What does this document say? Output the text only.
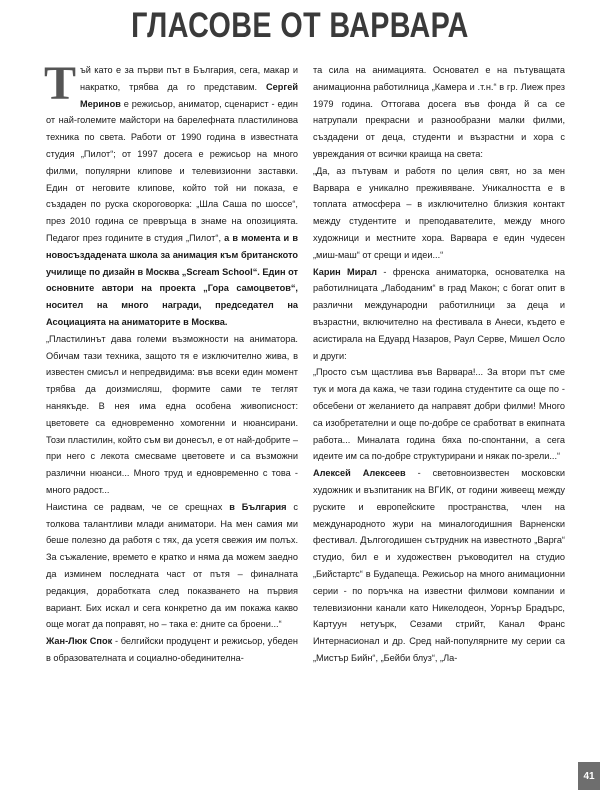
ГЛАСОВЕ ОТ ВАРВАРА

Тъй като е за първи път в България, сега, макар и накратко, трябва да го представим. Сергей Меринов е режисьор, аниматор, сценарист - един от най-големите майстори на барелефната пластилинова техника по света. Работи от 1990 година в известната студия „Пилот“; от 1997 досега е режисьор на много филми, популярни клипове и телевизионни заставки. Един от неговите клипове, който той ни показа, е създаден по руска скороговорка: „Шла Саша по шоссе“, през 2010 година се превръща в знаме на опозицията. Педагог през годините в студия „Пилот“, а в момента и в новосъздадената школа за анимация към британското училище по дизайн в Москва „Scream School“. Един от основните автори на проекта „Гора самоцветов“, носител на много награди, председател на Асоциацията на аниматорите в Москва.

„Пластилинът дава големи възможности на аниматора. Обичам тази техника, защото тя е изключително жива, в известен смисъл и непредвидима: във всеки един момент трябва да доизмисляш, формите сами те теглят нанякъде. В нея има една особена живописност: цветовете са едновременно хомогенни и нюансирани. Този пластилин, който съм ви донесъл, е от най-добрите – при него с лекота смесваме цветовете и са възможни различни нюанси... Много труд и едновременно с това - много радост...

Наистина се радвам, че се срещнах в България с толкова талантливи млади аниматори. На мен самия ми беше полезно да работя с тях, да усетя свежия им полъх. За съжаление, времето е кратко и няма да можем заедно да изминем последната част от пътя – финалната редакция, доработката след показването на първия вариант. Бих искал и сега конкретно да им покажа какво още могат да поправят, но – така е: дните са броени...“

Жан-Люк Спок - белгийски продуцент и режисьор, убеден в образователната и социално-обединителна-

та сила на анимацията. Основател е на пътуващата анимационна работилница „Камера и .т.н.“ в гр. Лиеж през 1979 година. Оттогава досега във фонда й са се натрупали прекрасни и разнообразни малки филми, създадени от деца, студенти и възрастни и хора с увреждания от всички краища на света:

„Да, аз пътувам и работя по целия свят, но за мен Варвара е уникално преживяване. Уникалността е в топлата атмосфера – в изключително близкия контакт между студентите и преподавателите, между много художници и местните хора. Варвара е един чудесен „миш-маш“ от срещи и идеи...“

Карин Мирал - френска аниматорка, основателка на работилницата „Лабоданим“ в град Макон; с богат опит в различни международни работилници за деца и възрастни, включително на фестивала в Анеси, където е асистирала на Едуард Назаров, Раул Серве, Мишел Осло и други:

„Просто съм щастлива във Варвара!... За втори път сме тук и мога да кажа, че тази година студентите са още по - обсебени от желанието да направят добри филми! Много са изобретателни и още по-добре се сработват в екипната работа... Миналата година бяха по-спонтанни, а сега идеите им са по-добре структурирани и някак по-зрели...“

Алексей Алексеев - световноизвестен московски художник и възпитаник на ВГИК, от години живеещ между руските и европейските пространства, член на международното жури на миналогодишния Варненски фестивал. Дългогодишен сътрудник на известното „Варга“ студио, бил е и художествен ръководител на студио „Бийстартс“ в Будапеща. Режисьор на много анимационни серии - по поръчка на известни филмови компании и телевизионни канали като Никелодеон, Уорнър Брадърс, Картуун нетуърк, Сезами стрийт, Канал Франс Интернасионал и др. Сред най-популярните му серии са „Мистър Бийн“, „Бейби блуз“, „Ла-

41
